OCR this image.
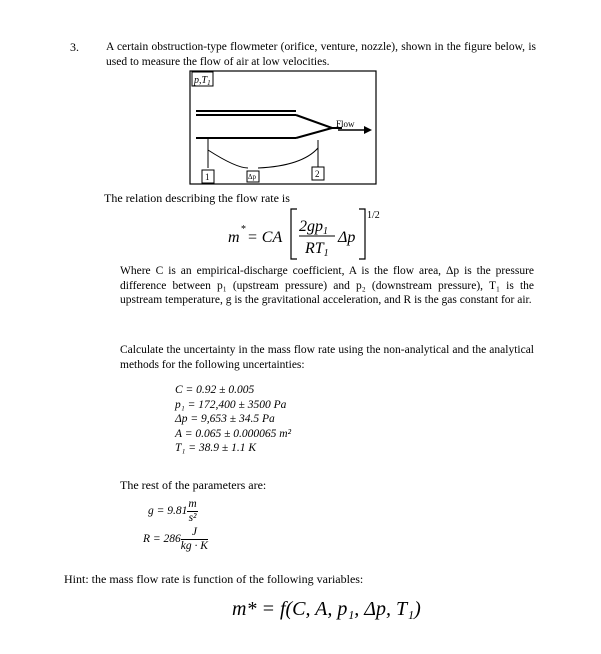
3. A certain obstruction-type flowmeter (orifice, venture, nozzle), shown in the figure below, is used to measure the flow of air at low velocities.
$p,T_1$
Flow
1	2
Δp
The relation describing the flow rate is
m * = CA
2gp1
RT1
Δp
1/2
Where C is an empirical-discharge coefficient, A is the flow area, Δp is the pressure difference between p₁ (upstream pressure) and p₂ (downstream pressure), T₁ is the upstream temperature, g is the gravitational acceleration, and R is the gas constant for air.
Calculate the uncertainty in the mass flow rate using the non-analytical and the analytical methods for the following uncertainties:
C = 0.92 ± 0.005
p₁ = 172,400 ± 3500 Pa
Δp = 9,653 ± 34.5 Pa
A = 0.065 ± 0.000065 m²
T₁ = 38.9 ± 1.1 K
The rest of the parameters are:
$g = 9.81 \frac{m}{\text{s²}}$
$R = 286 \frac{J}{kg \cdot K}$
Hint: the mass flow rate is function of the following variables:
m* = f(C, A, p₁, Δp, T₁)
